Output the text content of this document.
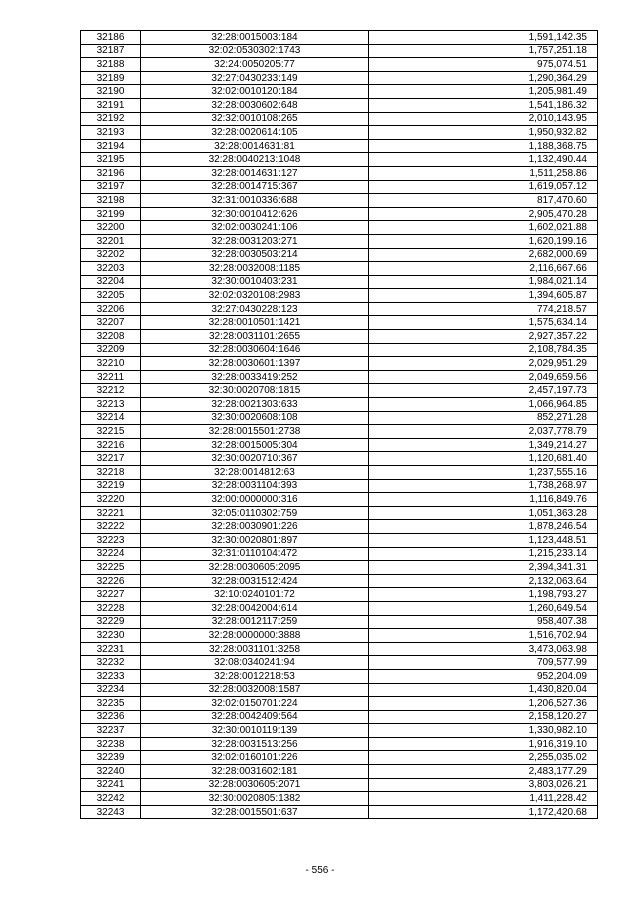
32186	32:28:0015003:184	1,591,142.35
32187	32:02:0530302:1743	1,757,251.18
32188	32:24:0050205:77	975,074.51
32189	32:27:0430233:149	1,290,364.29
32190	32:02:0010120:184	1,205,981.49
32191	32:28:0030602:648	1,541,186.32
32192	32:32:0010108:265	2,010,143.95
32193	32:28:0020614:105	1,950,932.82
32194	32:28:0014631:81	1,188,368.75
32195	32:28:0040213:1048	1,132,490.44
32196	32:28:0014631:127	1,511,258.86
32197	32:28:0014715:367	1,619,057.12
32198	32:31:0010336:688	817,470.60
32199	32:30:0010412:626	2,905,470.28
32200	32:02:0030241:106	1,602,021.88
32201	32:28:0031203:271	1,620,199.16
32202	32:28:0030503:214	2,682,000.69
32203	32:28:0032008:1185	2,116,667.66
32204	32:30:0010403:231	1,984,021.14
32205	32:02:0320108:2983	1,394,605.87
32206	32:27:0430228:123	774,218.57
32207	32:28:0010501:1421	1,575,634.14
32208	32:28:0031101:2655	2,927,357.22
32209	32:28:0030604:1646	2,108,784.35
32210	32:28:0030601:1397	2,029,951.29
32211	32:28:0033419:252	2,049,659.56
32212	32:30:0020708:1815	2,457,197.73
32213	32:28:0021303:633	1,066,964.85
32214	32:30:0020608:108	852,271.28
32215	32:28:0015501:2738	2,037,778.79
32216	32:28:0015005:304	1,349,214.27
32217	32:30:0020710:367	1,120,681.40
32218	32:28:0014812:63	1,237,555.16
32219	32:28:0031104:393	1,738,268.97
32220	32:00:0000000:316	1,116,849.76
32221	32:05:0110302:759	1,051,363.28
32222	32:28:0030901:226	1,878,246.54
32223	32:30:0020801:897	1,123,448.51
32224	32:31:0110104:472	1,215,233.14
32225	32:28:0030605:2095	2,394,341.31
32226	32:28:0031512:424	2,132,063.64
32227	32:10:0240101:72	1,198,793.27
32228	32:28:0042004:614	1,260,649.54
32229	32:28:0012117:259	958,407.38
32230	32:28:0000000:3888	1,516,702.94
32231	32:28:0031101:3258	3,473,063.98
32232	32:08:0340241:94	709,577.99
32233	32:28:0012218:53	952,204.09
32234	32:28:0032008:1587	1,430,820.04
32235	32:02:0150701:224	1,206,527.36
32236	32:28:0042409:564	2,158,120.27
32237	32:30:0010119:139	1,330,982.10
32238	32:28:0031513:256	1,916,319.10
32239	32:02:0160101:226	2,255,035.02
32240	32:28:0031602:181	2,483,177.29
32241	32:28:0030605:2071	3,803,026.21
32242	32:30:0020805:1382	1,411,228.42
32243	32:28:0015501:637	1,172,420.68
- 556 -
